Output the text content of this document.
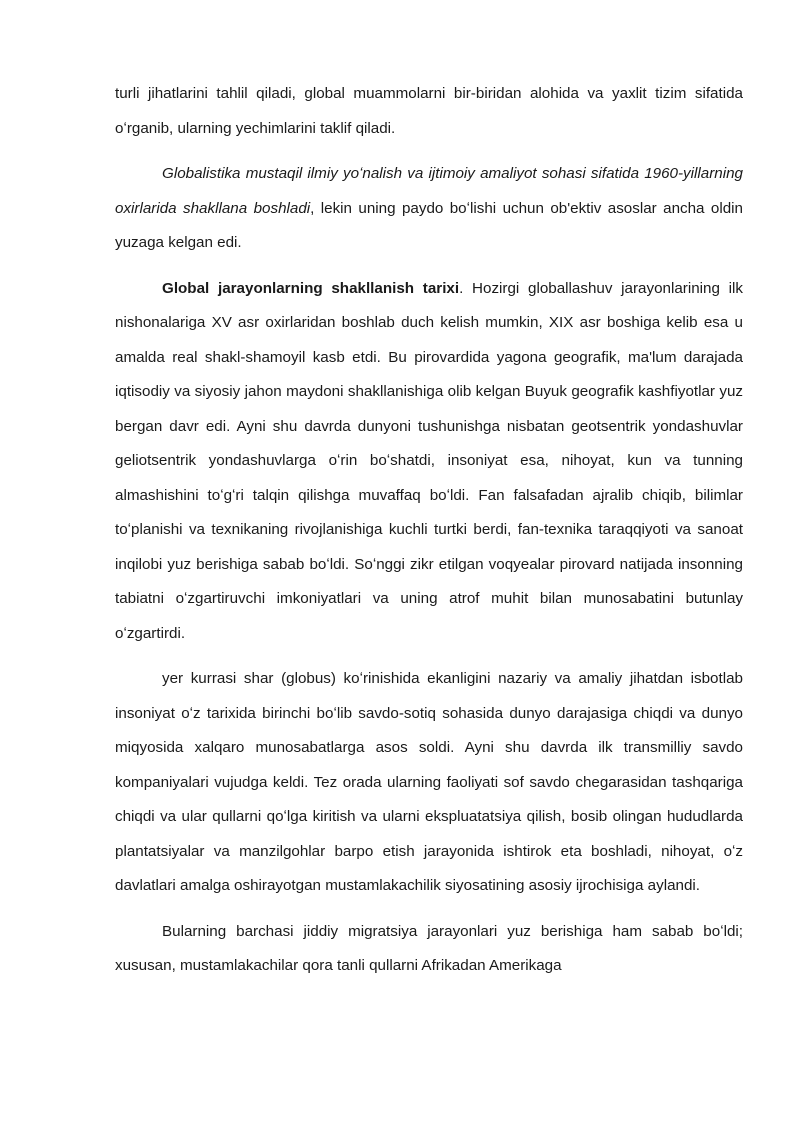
turli jihatlarini tahlil qiladi, global muammolarni bir-biridan alohida va yaxlit tizim sifatida oʻrganib, ularning yechimlarini taklif qiladi.

Globalistika mustaqil ilmiy yoʻnalish va ijtimoiy amaliyot sohasi sifatida 1960-yillarning oxirlarida shakllana boshladi, lekin uning paydo boʻlishi uchun ob'ektiv asoslar ancha oldin yuzaga kelgan edi.

Global jarayonlarning shakllanish tarixi. Hozirgi globallashuv jarayonlarining ilk nishonalariga XV asr oxirlaridan boshlab duch kelish mumkin, XIX asr boshiga kelib esa u amalda real shakl-shamoyil kasb etdi. Bu pirovardida yagona geografik, ma'lum darajada iqtisodiy va siyosiy jahon maydoni shakllanishiga olib kelgan Buyuk geografik kashfiyotlar yuz bergan davr edi. Ayni shu davrda dunyoni tushunishga nisbatan geotsentrik yondashuvlar geliotsentrik yondashuvlarga oʻrin boʻshatdi, insoniyat esa, nihoyat, kun va tunning almashishini toʻgʻri talqin qilishga muvaffaq boʻldi. Fan falsafadan ajralib chiqib, bilimlar toʻplanishi va texnikaning rivojlanishiga kuchli turtki berdi, fan-texnika taraqqiyoti va sanoat inqilobi yuz berishiga sabab boʻldi. Soʻnggi zikr etilgan voqyealar pirovard natijada insonning tabiatni oʻzgartiruvchi imkoniyatlari va uning atrof muhit bilan munosabatini butunlay oʻzgartirdi.

yer kurrasi shar (globus) koʻrinishida ekanligini nazariy va amaliy jihatdan isbotlab insoniyat oʻz tarixida birinchi boʻlib savdo-sotiq sohasida dunyo darajasiga chiqdi va dunyo miqyosida xalqaro munosabatlarga asos soldi. Ayni shu davrda ilk transmilliy savdo kompaniyalari vujudga keldi. Tez orada ularning faoliyati sof savdo chegarasidan tashqariga chiqdi va ular qullarni qoʻlga kiritish va ularni ekspluatatsiya qilish, bosib olingan hududlarda plantatsiyalar va manzilgohlar barpo etish jarayonida ishtirok eta boshladi, nihoyat, oʻz davlatlari amalga oshirayotgan mustamlakachilik siyosatining asosiy ijrochisiga aylandi.

Bularning barchasi jiddiy migratsiya jarayonlari yuz berishiga ham sabab boʻldi; xususan, mustamlakachilar qora tanli qullarni Afrikadan Amerikaga
